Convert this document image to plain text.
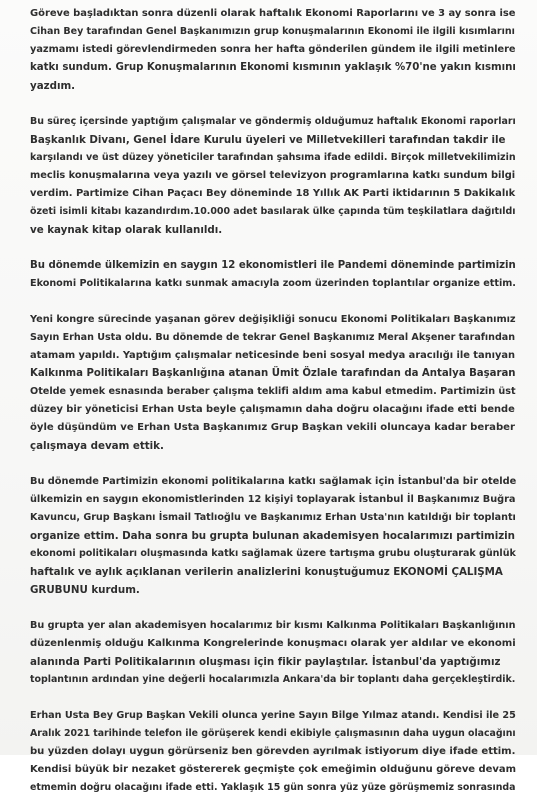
Göreve başladıktan sonra düzenli olarak haftalık Ekonomi Raporlarını ve 3 ay sonra ise
Cihan Bey tarafından Genel Başkanımızın grup konuşmalarının Ekonomi ile ilgili kısımlarını
yazmamı istedi görevlendirmeden sonra her hafta gönderilen gündem ile ilgili metinlere
katkı sundum. Grup Konuşmalarının Ekonomi kısmının yaklaşık %70'ne yakın kısmını
yazdım.
Bu süreç içersinde yaptığım çalışmalar ve göndermiş olduğumuz haftalık Ekonomi raporları
Başkanlık Divanı, Genel İdare Kurulu üyeleri ve Milletvekilleri tarafından takdir ile
karşılandı ve üst düzey yöneticiler tarafından şahsıma ifade edildi. Birçok milletvekilimizin
meclis konuşmalarına veya yazılı ve görsel televizyon programlarına katkı sundum bilgi
verdim. Partimize Cihan Paçacı Bey döneminde 18 Yıllık AK Parti iktidarının 5 Dakikalık
özeti isimli kitabı kazandırdım.10.000 adet basılarak ülke çapında tüm teşkilatlara dağıtıldı
ve kaynak kitap olarak kullanıldı.
Bu dönemde ülkemizin en saygın 12 ekonomistleri ile Pandemi döneminde partimizin
Ekonomi Politikalarına katkı sunmak amacıyla zoom üzerinden toplantılar organize ettim.
Yeni kongre sürecinde yaşanan görev değişikliği sonucu Ekonomi Politikaları Başkanımız
Sayın Erhan Usta oldu. Bu dönemde de tekrar Genel Başkanımız Meral Akşener tarafından
atamam yapıldı. Yaptığım çalışmalar neticesinde beni sosyal medya aracılığı ile tanıyan
Kalkınma Politikaları Başkanlığına atanan Ümit Özlale tarafından da Antalya Başaran
Otelde yemek esnasında beraber çalışma teklifi aldım ama kabul etmedim. Partimizin üst
düzey bir yöneticisi Erhan Usta beyle çalışmamın daha doğru olacağını ifade etti bende
öyle düşündüm ve Erhan Usta Başkanımız Grup Başkan vekili oluncaya kadar beraber
çalışmaya devam ettik.
Bu dönemde Partimizin ekonomi politikalarına katkı sağlamak için İstanbul'da bir otelde
ülkemizin en saygın ekonomistlerinden 12 kişiyi toplayarak İstanbul İl Başkanımız Buğra
Kavuncu, Grup Başkanı İsmail Tatlıoğlu ve Başkanımız Erhan Usta'nın katıldığı bir toplantı
organize ettim. Daha sonra bu grupta bulunan akademisyen hocalarımızı partimizin
ekonomi politikaları oluşmasında katkı sağlamak üzere tartışma grubu oluşturarak günlük
haftalık ve aylık açıklanan verilerin analizlerini konuştuğumuz EKONOMİ ÇALIŞMA
GRUBUNU kurdum.
Bu grupta yer alan akademisyen hocalarımız bir kısmı Kalkınma Politikaları Başkanlığının
düzenlenmiş olduğu Kalkınma Kongrelerinde konuşmacı olarak yer aldılar ve ekonomi
alanında Parti Politikalarının oluşması için fikir paylaştılar. İstanbul'da yaptığımız
toplantının ardından yine değerli hocalarımızla Ankara'da bir toplantı daha gerçekleştirdik.
Erhan Usta Bey Grup Başkan Vekili olunca yerine Sayın Bilge Yılmaz atandı. Kendisi ile 25
Aralık 2021 tarihinde telefon ile görüşerek kendi ekibiyle çalışmasının daha uygun olacağını
bu yüzden dolayı uygun görürseniz ben görevden ayrılmak istiyorum diye ifade ettim.
Kendisi büyük bir nezaket göstererek geçmişte çok emeğimin olduğunu göreve devam
etmemin doğru olacağını ifade etti. Yaklaşık 15 gün sonra yüz yüze görüşmemiz sonrasında
